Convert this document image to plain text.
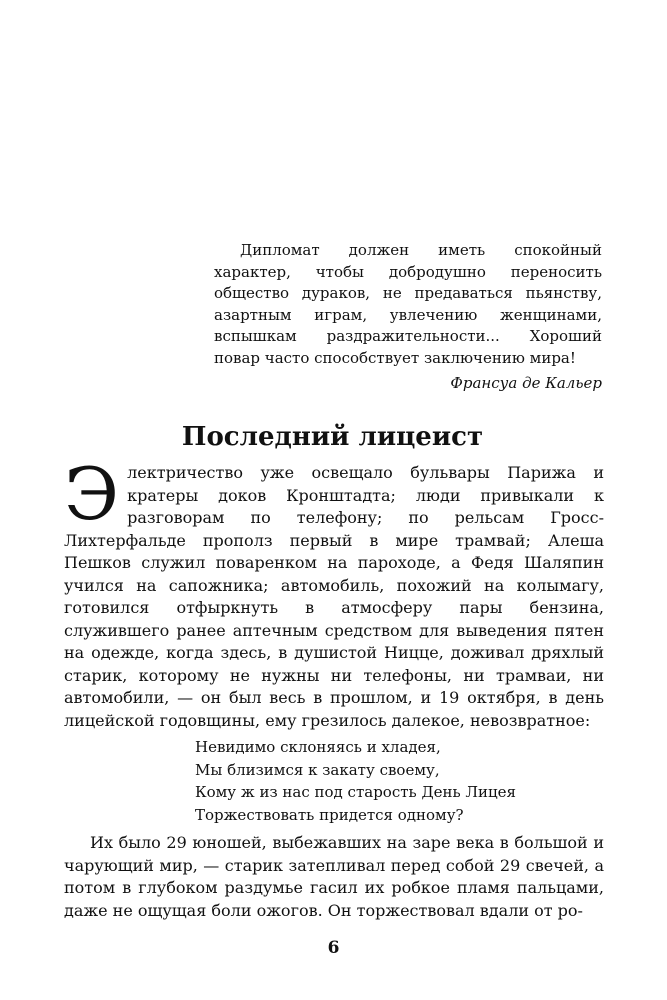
Дипломат должен иметь спокойный характер, чтобы добродушно переносить общество дураков, не предаваться пьянству, азартным играм, увлечению женщинами, вспышкам раздражительности... Хороший повар часто способствует заключению мира!

Франсуа де Кальер

Последний лицеист

Э лектричество уже освещало бульвары Парижа и кратеры доков Кронштадта; люди привыкали к разговорам по телефону; по рельсам Гросс-Лихтерфальде прополз первый в мире трамвай; Алеша Пешков служил поваренком на пароходе, а Федя Шаляпин учился на сапожника; автомобиль, похожий на колымагу, готовился отфыркнуть в атмосферу пары бензина, служившего ранее аптечным средством для выведения пятен на одежде, когда здесь, в душистой Ницце, доживал дряхлый старик, которому не нужны ни телефоны, ни трамваи, ни автомобили, — он был весь в прошлом, и 19 октября, в день лицейской годовщины, ему грезилось далекое, невозвратное:

Невидимо склоняясь и хладея,
Мы близимся к закату своему,
Кому ж из нас под старость День Лицея
Торжествовать придется одному?

Их было 29 юношей, выбежавших на заре века в большой и чарующий мир, — старик затепливал перед собой 29 свечей, а потом в глубоком раздумье гасил их робкое пламя пальцами, даже не ощущая боли ожогов. Он торжествовал вдали от ро-

6
